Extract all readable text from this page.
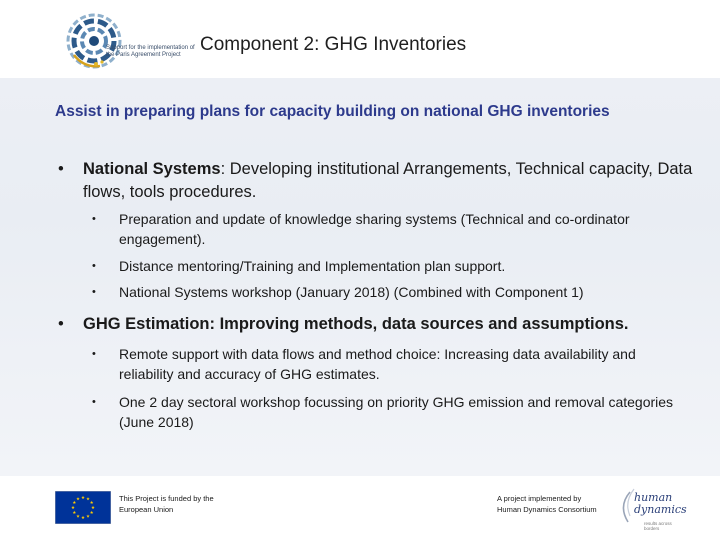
Support for the implementation of the Paris Agreement Project	Component 2: GHG Inventories
Assist in preparing plans for capacity building on national GHG inventories
• National Systems: Developing institutional Arrangements, Technical capacity, Data flows, tools procedures.
• Preparation and update of knowledge sharing systems (Technical and co-ordinator engagement).
• Distance mentoring/Training and Implementation plan support.
• National Systems workshop (January 2018) (Combined with Component 1)
• GHG Estimation: Improving methods, data sources and assumptions.
• Remote support with data flows and method choice: Increasing data availability and reliability and accuracy of GHG estimates.
• One 2 day sectoral workshop focussing on priority GHG emission and removal categories (June 2018)
This Project is funded by the
European Union
A project implemented by
Human Dynamics Consortium
human
dynamics
results across borders
